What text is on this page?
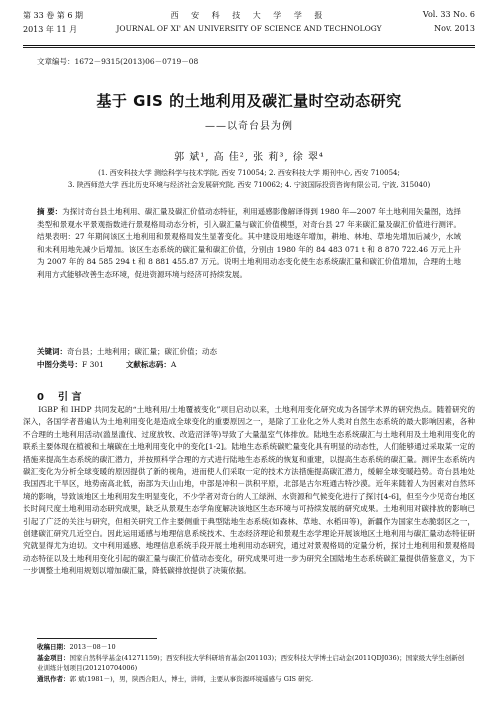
第 33 卷 第 6 期
2013 年 11 月
西 安 科 技 大 学 学 报
JOURNAL OF XI' AN UNIVERSITY OF SCIENCE AND TECHNOLOGY
Vol. 33 No. 6
Nov. 2013
文章编号：1672－9315(2013)06－0719－08
基于 GIS 的土地利用及碳汇量时空动态研究
——以奇台县为例
郭 斌¹, 高 佳², 张 莉³, 徐 翠⁴
(1. 西安科技大学 测绘科学与技术学院, 西安 710054; 2. 西安科技大学 期刊中心, 西安 710054;
3. 陕西师范大学 西北历史环境与经济社会发展研究院, 西安 710062; 4. 宁波国际投资咨询有限公司, 宁波, 315040)
摘 要：为探讨奇台县土地利用、碳汇量及碳汇价值动态特征，利用遥感影像解译得到 1980 年—2007 年土地利用矢量图，选择类型和景观水平景观指数进行景观格局动态分析，引入碳汇量与碳汇价值模型，对奇台县 27 年来碳汇量及碳汇价值进行测评。结果表明：27 年期间该区土地利用和景观格局发生显著变化。其中建设用地逐年增加，耕地、林地、草地先增加后减少，水域和未利用地先减少后增加。该区生态系统的碳汇量和碳汇价值，分别由 1980 年的 84 483 071 t 和 8 870 722.46 万元上升为 2007 年的 84 585 294 t 和 8 881 455.87 万元。说明土地利用动态变化使生态系统碳汇量和碳汇价值增加，合理的土地利用方式能够改善生态环境，促进资源环境与经济可持续发展。
关键词：奇台县；土地利用；碳汇量；碳汇价值；动态
中图分类号：F 301	文献标志码：A
0 引 言

IGBP 和 IHDP 共同发起的“土地利用/土地覆被变化”项目启动以来，土地利用变化研究成为各国学术界的研究热点。随着研究的深入，各国学者普遍认为土地利用变化是造成全球变化的重要原因之一，是除了工业化之外人类对自然生态系统的最大影响因素，各种不合理的土地利用活动(滥垦滥伐、过度放牧、改造沼泽等)导致了大量温室气体排放。陆地生态系统碳汇与土地利用及土地利用变化的联系主要体现在植被和土壤碳在土地利用变化中的变化[1-2]。陆地生态系统碳贮量变化具有明显的动态性，人们能够通过采取某一定的措施来提高生态系统的碳汇潜力，并按照科学合理的方式进行陆地生态系统的恢复和重建，以提高生态系统的碳汇量。测评生态系统内碳汇变化为分析全球变暖的原因提供了新的视角，进而使人们采取一定的技术方法措施提高碳汇潜力，缓解全球变暖趋势。奇台县地处我国西北干旱区，地势南高北低，南部为天山山地，中部是冲积－洪积平原，北部是古尔班通古特沙漠。近年来随着人为因素对自然环境的影响，导致该地区土地利用发生明显变化，不少学者对奇台的人工绿洲、水资源和气候变化进行了探讨[4-6]，但至今少见奇台地区长时间尺度土地利用动态研究成果，缺乏从景观生态学角度解决该地区生态环境与可持续发展的研究成果。土地利用对碳排放的影响已引起了广泛的关注与研究，但相关研究工作主要侧重于典型陆地生态系统(如森林、草地、水稻田等)，新疆作为国家生态脆弱区之一，创建碳汇研究几近空白。因此运用遥感与地理信息系统技术、生态经济理论和景观生态学理论开展该地区土地利用与碳汇量动态特征研究就显得尤为迫切。文中利用遥感、地理信息系统手段开展土地利用动态研究，通过对景观格局的定量分析，探讨土地利用和景观格局动态特征以及土地利用变化引起的碳汇量与碳汇价值动态变化，研究成果可进一步为研究全国陆地生态系统碳汇量提供借鉴意义，为下一步调整土地利用规划以增加碳汇量，降低碳排放提供了决策依据。

收稿日期：2013－08－10
基金项目：国家自然科学基金(41271159)；西安科技大学科研培育基金(201103)；西安科技大学博士启动金(2011QDJ036)；国家级大学生创新创业训练计划项目(201210704006)
通讯作者：郭 斌(1981－)，男，陕西合阳人，博士，讲师，主要从事资源环境遥感与 GIS 研究.
